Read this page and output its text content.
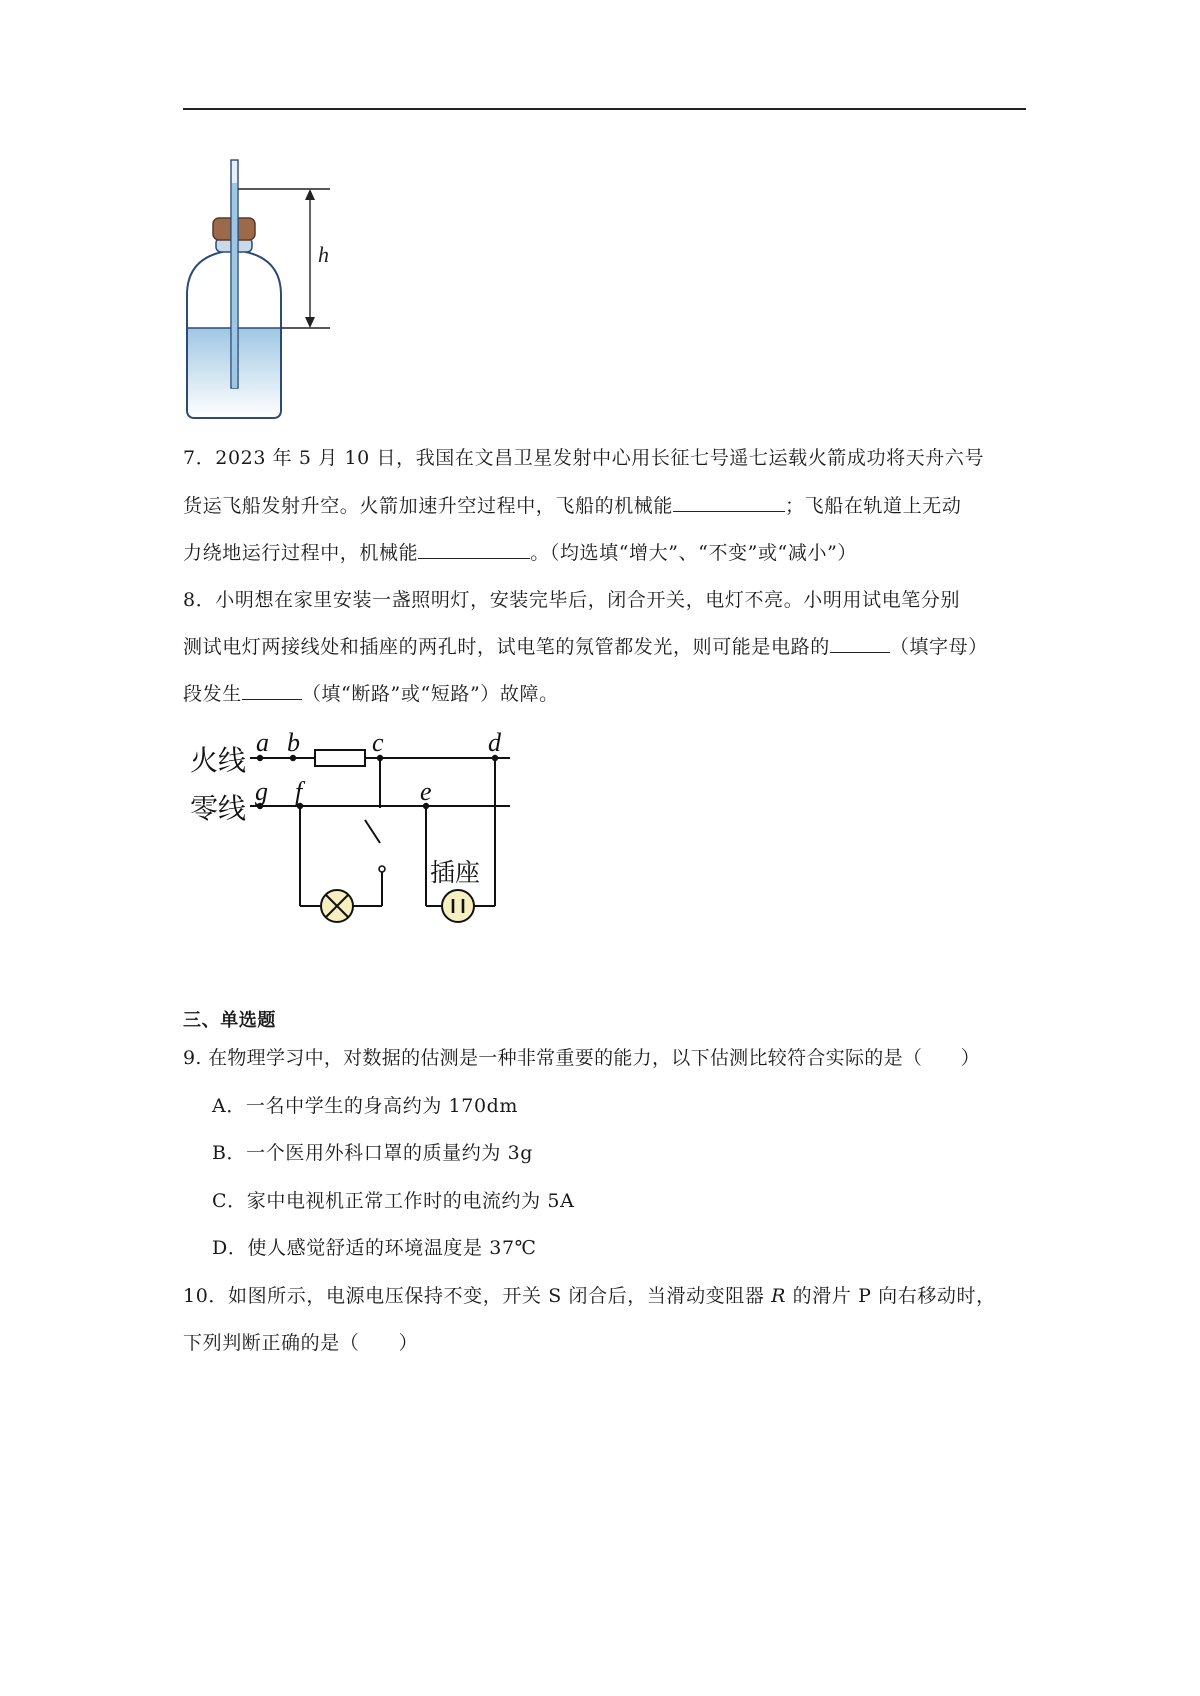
h
7．2023 年 5 月 10 日，我国在文昌卫星发射中心用长征七号遥七运载火箭成功将天舟六号
货运飞船发射升空。火箭加速升空过程中，飞船的机械能	；飞船在轨道上无动
力绕地运行过程中，机械能	。（均选填“增大”、“不变”或“减小”）
8．小明想在家里安装一盏照明灯，安装完毕后，闭合开关，电灯不亮。小明用试电笔分别
测试电灯两接线处和插座的两孔时，试电笔的氖管都发光，则可能是电路的	（填字母）
段发生	（填“断路”或“短路”）故障。
火线
零线
插座
a b	c	d
g f	e
三、单选题
9. 在物理学习中，对数据的估测是一种非常重要的能力，以下估测比较符合实际的是（　　）
A．一名中学生的身高约为 170dm
B．一个医用外科口罩的质量约为 3g
C．家中电视机正常工作时的电流约为 5A
D．使人感觉舒适的环境温度是 37℃
10．如图所示，电源电压保持不变，开关 S 闭合后，当滑动变阻器 R 的滑片 P 向右移动时，
下列判断正确的是（　　）
